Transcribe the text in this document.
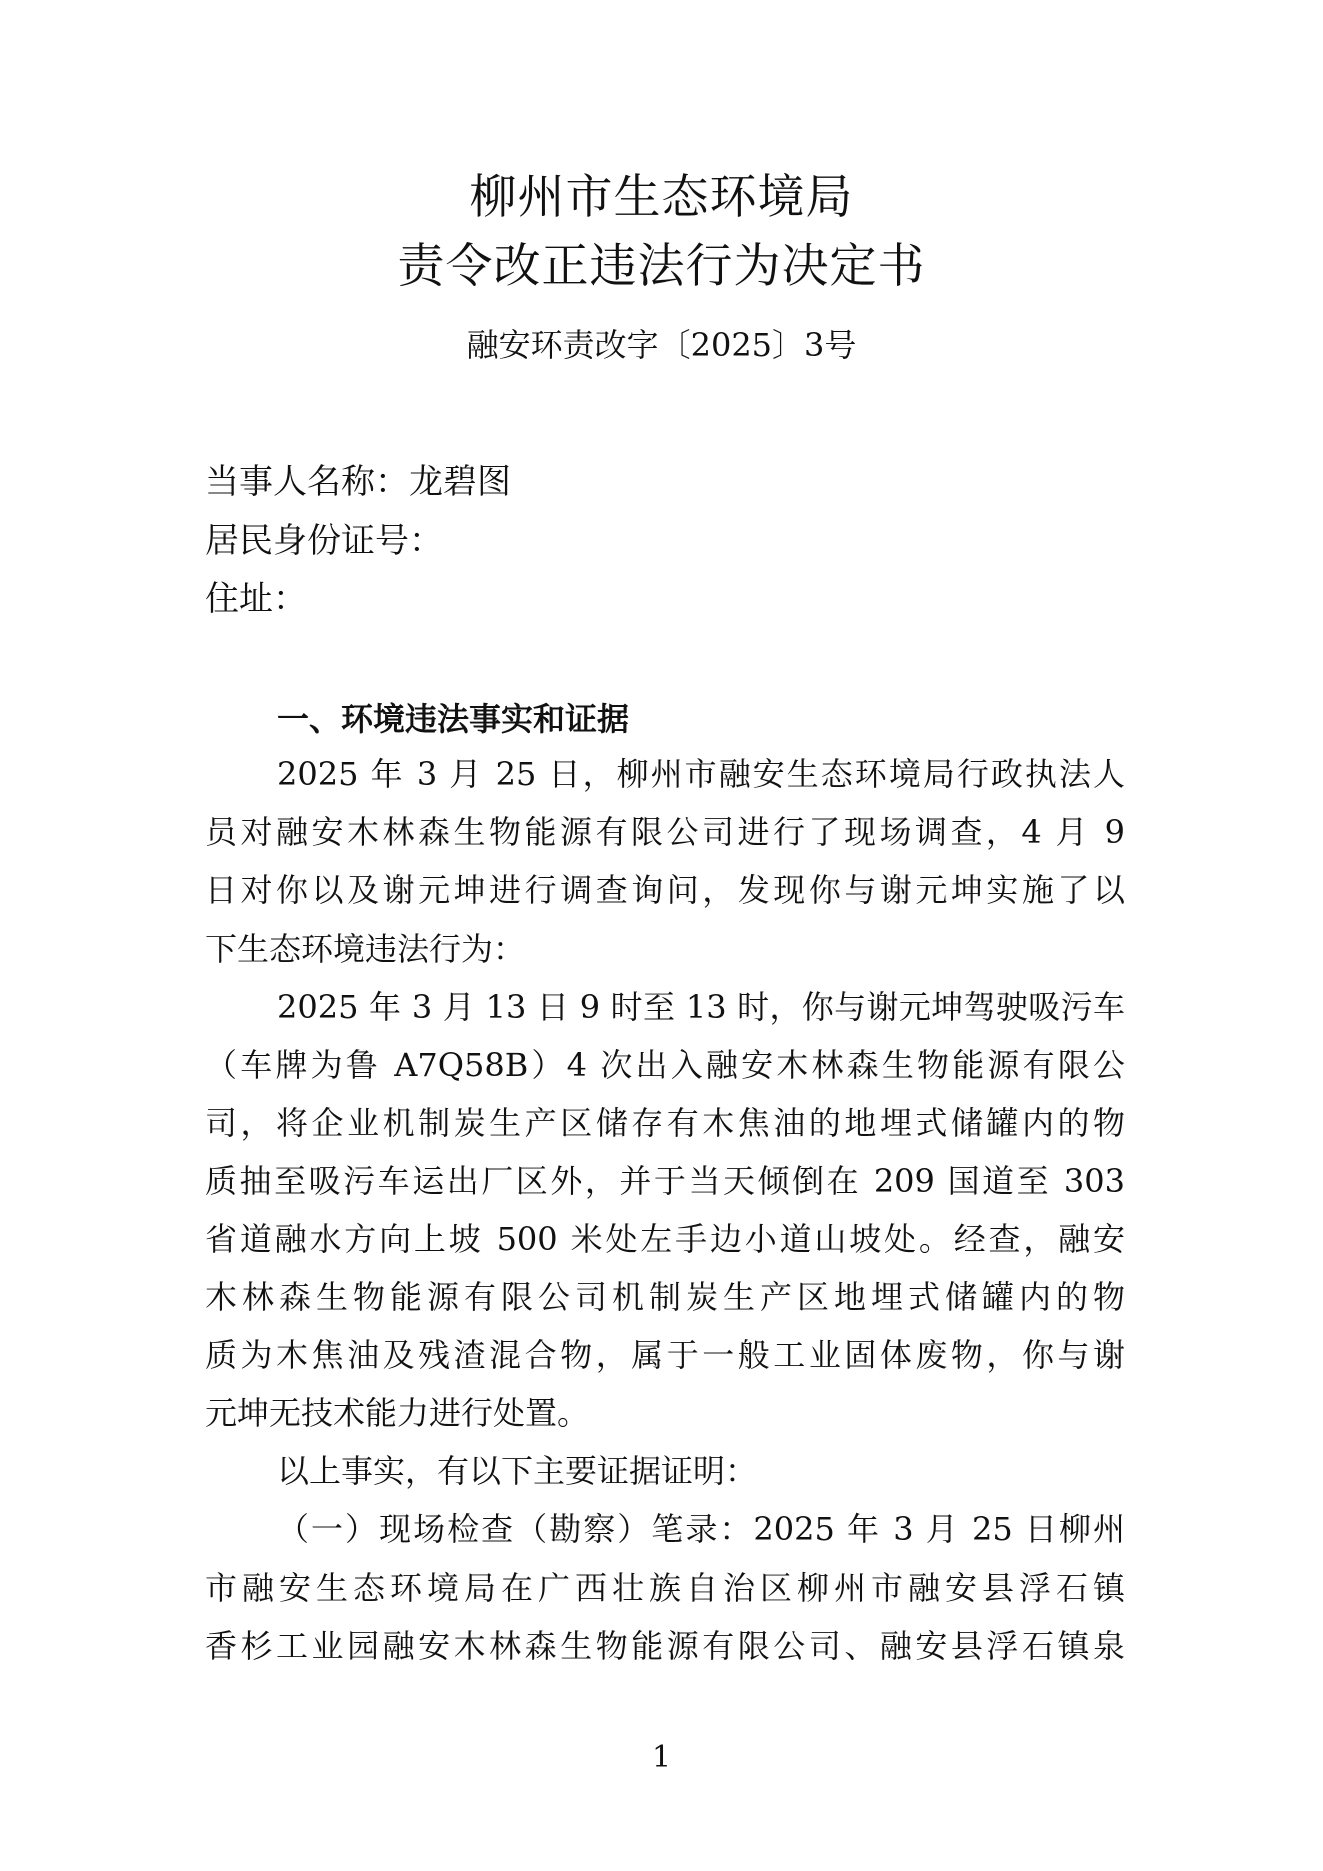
柳州市生态环境局
责令改正违法行为决定书
融安环责改字〔2025〕3号
当事人名称：龙碧图
居民身份证号：
住址：
一、环境违法事实和证据
2025 年 3 月 25 日，柳州市融安生态环境局行政执法人
员对融安木林森生物能源有限公司进行了现场调查，4 月 9
日对你以及谢元坤进行调查询问，发现你与谢元坤实施了以
下生态环境违法行为：
2025 年 3 月 13 日 9 时至 13 时，你与谢元坤驾驶吸污车
（车牌为鲁 A7Q58B）4 次出入融安木林森生物能源有限公
司，将企业机制炭生产区储存有木焦油的地埋式储罐内的物
质抽至吸污车运出厂区外，并于当天倾倒在 209 国道至 303
省道融水方向上坡 500 米处左手边小道山坡处。经查，融安
木林森生物能源有限公司机制炭生产区地埋式储罐内的物
质为木焦油及残渣混合物，属于一般工业固体废物，你与谢
元坤无技术能力进行处置。
以上事实，有以下主要证据证明：
（一）现场检查（勘察）笔录：2025 年 3 月 25 日柳州
市融安生态环境局在广西壮族自治区柳州市融安县浮石镇
香杉工业园融安木林森生物能源有限公司、融安县浮石镇泉
1
